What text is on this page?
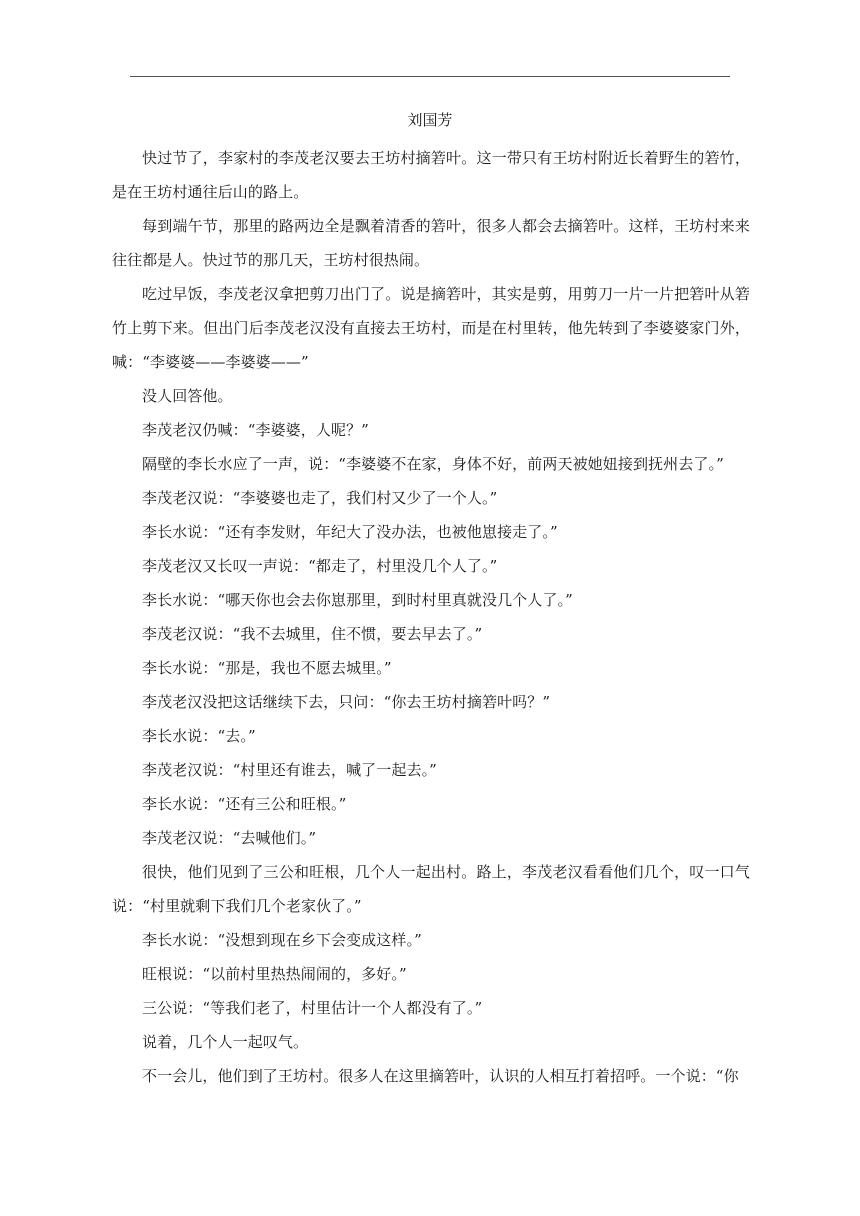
刘国芳

快过节了，李家村的李茂老汉要去王坊村摘箬叶。这一带只有王坊村附近长着野生的箬竹，是在王坊村通往后山的路上。

每到端午节，那里的路两边全是飘着清香的箬叶，很多人都会去摘箬叶。这样，王坊村来来往往都是人。快过节的那几天，王坊村很热闹。

吃过早饭，李茂老汉拿把剪刀出门了。说是摘箬叶，其实是剪，用剪刀一片一片把箬叶从箬竹上剪下来。但出门后李茂老汉没有直接去王坊村，而是在村里转，他先转到了李婆婆家门外，喊：“李婆婆——李婆婆——”

没人回答他。

李茂老汉仍喊：“李婆婆，人呢？”

隔壁的李长水应了一声，说：“李婆婆不在家，身体不好，前两天被她妞接到抚州去了。”

李茂老汉说：“李婆婆也走了，我们村又少了一个人。”

李长水说：“还有李发财，年纪大了没办法，也被他崽接走了。”

李茂老汉又长叹一声说：“都走了，村里没几个人了。”

李长水说：“哪天你也会去你崽那里，到时村里真就没几个人了。”

李茂老汉说：“我不去城里，住不惯，要去早去了。”

李长水说：“那是，我也不愿去城里。”

李茂老汉没把这话继续下去，只问：“你去王坊村摘箬叶吗？”

李长水说：“去。”

李茂老汉说：“村里还有谁去，喊了一起去。”

李长水说：“还有三公和旺根。”

李茂老汉说：“去喊他们。”

很快，他们见到了三公和旺根，几个人一起出村。路上，李茂老汉看看他们几个，叹一口气说：“村里就剩下我们几个老家伙了。”

李长水说：“没想到现在乡下会变成这样。”

旺根说：“以前村里热热闹闹的，多好。”

三公说：“等我们老了，村里估计一个人都没有了。”

说着，几个人一起叹气。

不一会儿，他们到了王坊村。很多人在这里摘箬叶，认识的人相互打着招呼。一个说：“你
